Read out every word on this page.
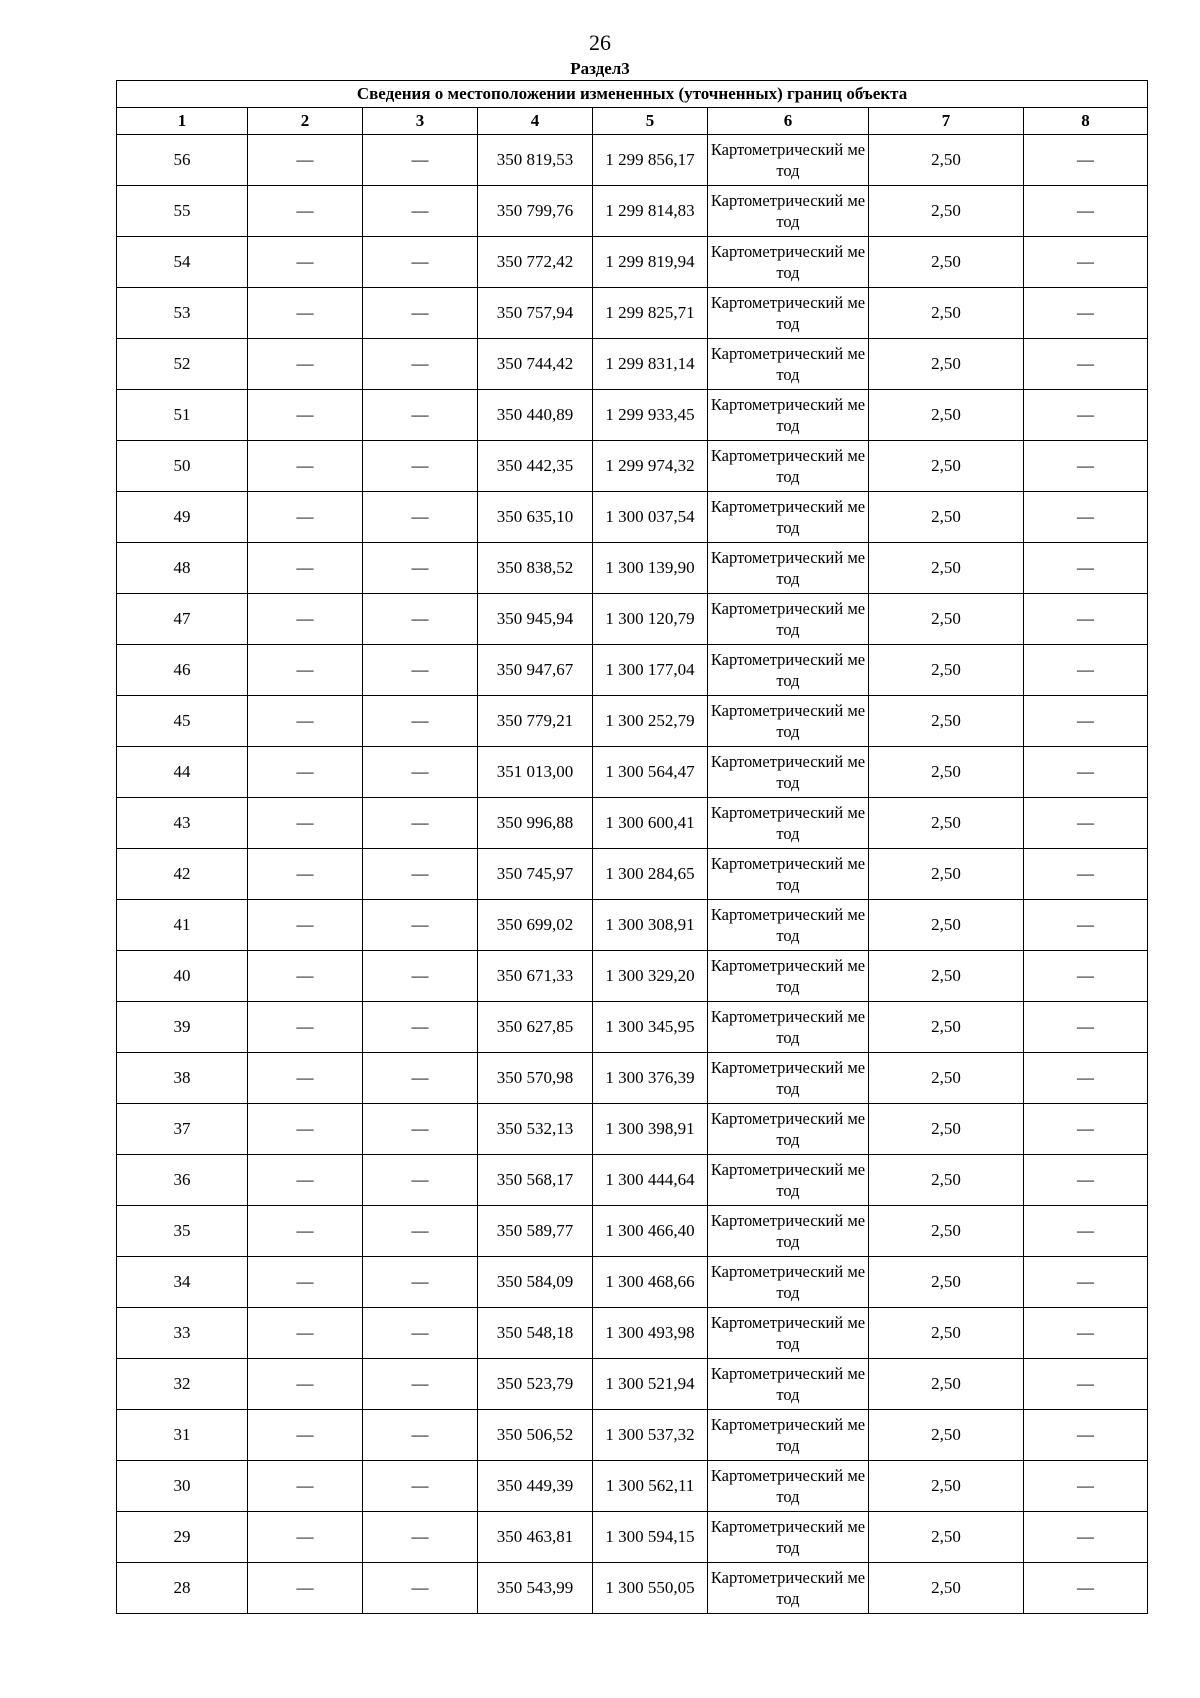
26
Раздел3
Сведения о местоположении измененных (уточненных) границ объекта							
1	2	3	4	5	6	7	8
56	—	—	350 819,53	1 299 856,17	Картометрический метод	2,50	—
55	—	—	350 799,76	1 299 814,83	Картометрический метод	2,50	—
54	—	—	350 772,42	1 299 819,94	Картометрический метод	2,50	—
53	—	—	350 757,94	1 299 825,71	Картометрический метод	2,50	—
52	—	—	350 744,42	1 299 831,14	Картометрический метод	2,50	—
51	—	—	350 440,89	1 299 933,45	Картометрический метод	2,50	—
50	—	—	350 442,35	1 299 974,32	Картометрический метод	2,50	—
49	—	—	350 635,10	1 300 037,54	Картометрический метод	2,50	—
48	—	—	350 838,52	1 300 139,90	Картометрический метод	2,50	—
47	—	—	350 945,94	1 300 120,79	Картометрический метод	2,50	—
46	—	—	350 947,67	1 300 177,04	Картометрический метод	2,50	—
45	—	—	350 779,21	1 300 252,79	Картометрический метод	2,50	—
44	—	—	351 013,00	1 300 564,47	Картометрический метод	2,50	—
43	—	—	350 996,88	1 300 600,41	Картометрический метод	2,50	—
42	—	—	350 745,97	1 300 284,65	Картометрический метод	2,50	—
41	—	—	350 699,02	1 300 308,91	Картометрический метод	2,50	—
40	—	—	350 671,33	1 300 329,20	Картометрический метод	2,50	—
39	—	—	350 627,85	1 300 345,95	Картометрический метод	2,50	—
38	—	—	350 570,98	1 300 376,39	Картометрический метод	2,50	—
37	—	—	350 532,13	1 300 398,91	Картометрический метод	2,50	—
36	—	—	350 568,17	1 300 444,64	Картометрический метод	2,50	—
35	—	—	350 589,77	1 300 466,40	Картометрический метод	2,50	—
34	—	—	350 584,09	1 300 468,66	Картометрический метод	2,50	—
33	—	—	350 548,18	1 300 493,98	Картометрический метод	2,50	—
32	—	—	350 523,79	1 300 521,94	Картометрический метод	2,50	—
31	—	—	350 506,52	1 300 537,32	Картометрический метод	2,50	—
30	—	—	350 449,39	1 300 562,11	Картометрический метод	2,50	—
29	—	—	350 463,81	1 300 594,15	Картометрический метод	2,50	—
28	—	—	350 543,99	1 300 550,05	Картометрический метод	2,50	—
